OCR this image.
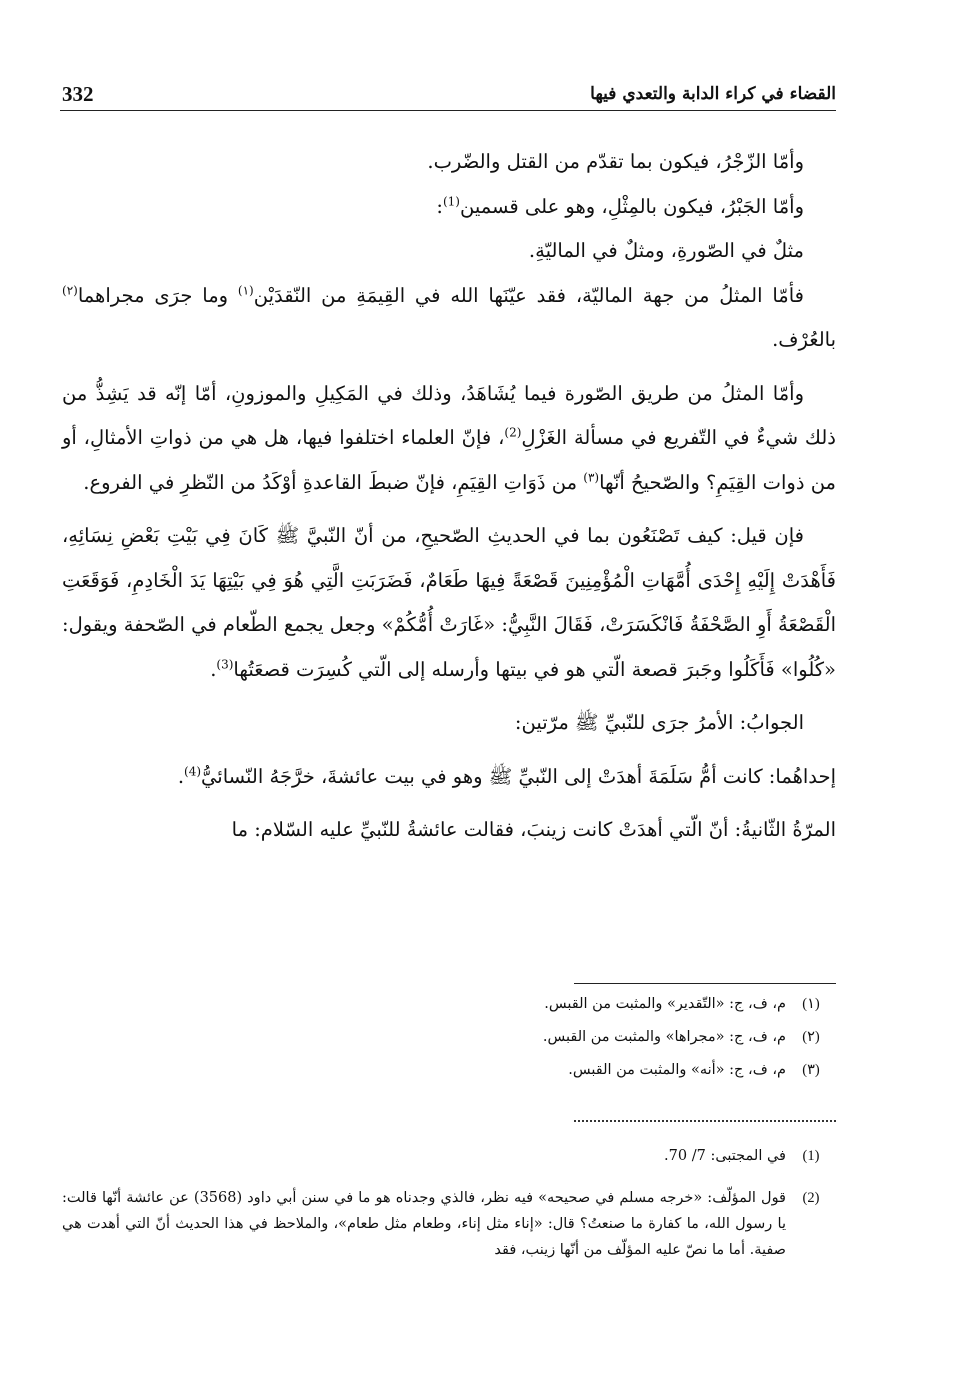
332	القضاء في كراء الدابة والتعدي فيها

وأمّا الزّجْرُ، فيكون بما تقدّم من القتل والضّرب.

وأمّا الجَبْرُ، فيكون بالمِثْلِ، وهو على قسمين$^{(1)}$:

مثلٌ في الصّورةِ، ومثلٌ في الماليّةِ.

فأمّا المثلُ من جهة الماليّة، فقد عيّنَها الله في القِيمَةِ من النّقدَيْن$^{(١)}$ وما جرَى مجراهما$^{(٢)}$ بالعُرْف.

وأمّا المثلُ من طريق الصّورة فيما يُشَاهَدُ، وذلك في المَكِيلِ والموزونِ، أمّا إنّه قد يَشِذُّ من ذلك شيءٌ في التّفريع في مسألة الغَزْلِ$^{(2)}$، فإنّ العلماء اختلفوا فيها، هل هي من ذواتِ الأمثالِ، أو من ذوات القِيَمِ؟ والصّحيحُ أنّها$^{(٣)}$ من ذَوَاتِ القِيَمِ، فإنّ ضبطَ القاعدةِ أوْكَدُ من النّظرِ في الفروع.

فإن قيل: كيف تَصْنَعُون بما في الحديثِ الصّحيحِ، من أنّ النّبيَّ ﷺ كَانَ فِي بَيْتِ بَعْضِ نِسَائِهِ، فَأَهْدَتْ إِلَيْهِ إِحْدَى أُمَّهَاتِ الْمُؤْمِنِينَ قَصْعَةً فِيهَا طَعَامٌ، فَضَرَبَتِ الَّتِي هُوَ فِي بَيْتِهَا يَدَ الْخَادِمِ، فَوَقَعَتِ الْقَصْعَةُ أَوِ الصَّحْفَةُ فَانْكَسَرَتْ، فَقَالَ النَّبِيُّ: «غَارَتْ أُمُّكُمْ» وجعل يجمع الطّعام في الصّحفة ويقول: «كُلُوا» فَأَكَلُوا وجَبرَ قصعة الّتي هو في بيتها وأرسله إلى الّتي كُسِرَت قصعَتُها$^{(3)}$.

الجوابُ: الأمرُ جرَى للنّبيِّ ﷺ مرّتين:

إحداهُما: كانت أمُّ سَلَمَةَ أهدَتْ إلى النّبيِّ ﷺ وهو في بيت عائشةَ، خرَّجَهُ النّسائيُّ$^{(4)}$.

المرّةُ الثّانيةُ: أنّ الّتي أهدَتْ كانت زينبَ، فقالت عائشةُ للنّبيِّ عليه السّلام: ما

(١)
م، ف، ج: «التّقدير» والمثبت من القبس.
(٢)
م، ف، ج: «مجراها» والمثبت من القبس.
(٣)
م، ف، ج: «أنه» والمثبت من القبس.
(1)
في المجتبى: 7/ 70.
(2)
قول المؤلّف: «خرجه مسلم في صحيحه» فيه نظر، فالذي وجدناه هو ما في سنن أبي داود (3568) عن عائشة أنّها قالت: يا رسول الله، ما كفارة ما صنعتُ؟ قال: «إناء مثل إناء، وطعام مثل طعام»، والملاحظ في هذا الحديث أنّ التي أهدت هي صفية. أما ما نصّ عليه المؤلّف من أنّها زينب، فقد
